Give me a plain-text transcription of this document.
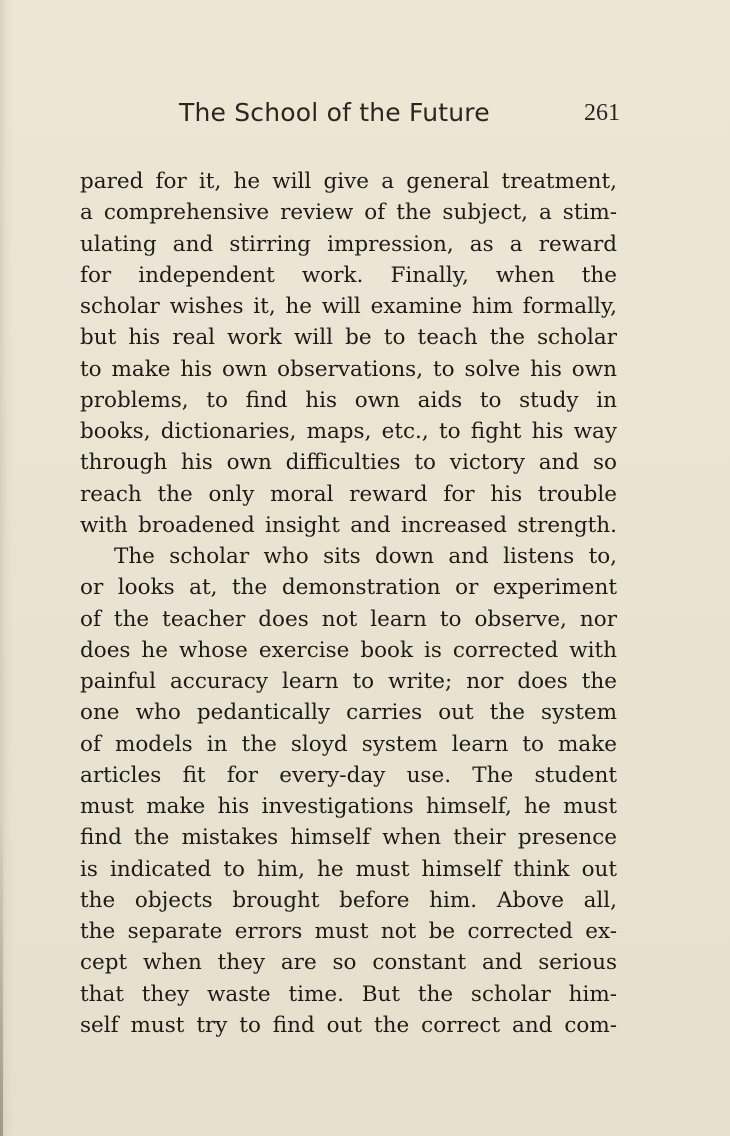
The School of the Future	261
pared for it, he will give a general treatment,
a comprehensive review of the subject, a stim-
ulating and stirring impression, as a reward
for independent work. Finally, when the
scholar wishes it, he will examine him formally,
but his real work will be to teach the scholar
to make his own observations, to solve his own
problems, to find his own aids to study in
books, dictionaries, maps, etc., to fight his way
through his own difficulties to victory and so
reach the only moral reward for his trouble
with broadened insight and increased strength.
The scholar who sits down and listens to,
or looks at, the demonstration or experiment
of the teacher does not learn to observe, nor
does he whose exercise book is corrected with
painful accuracy learn to write; nor does the
one who pedantically carries out the system
of models in the sloyd system learn to make
articles fit for every-day use. The student
must make his investigations himself, he must
find the mistakes himself when their presence
is indicated to him, he must himself think out
the objects brought before him. Above all,
the separate errors must not be corrected ex-
cept when they are so constant and serious
that they waste time. But the scholar him-
self must try to find out the correct and com-
